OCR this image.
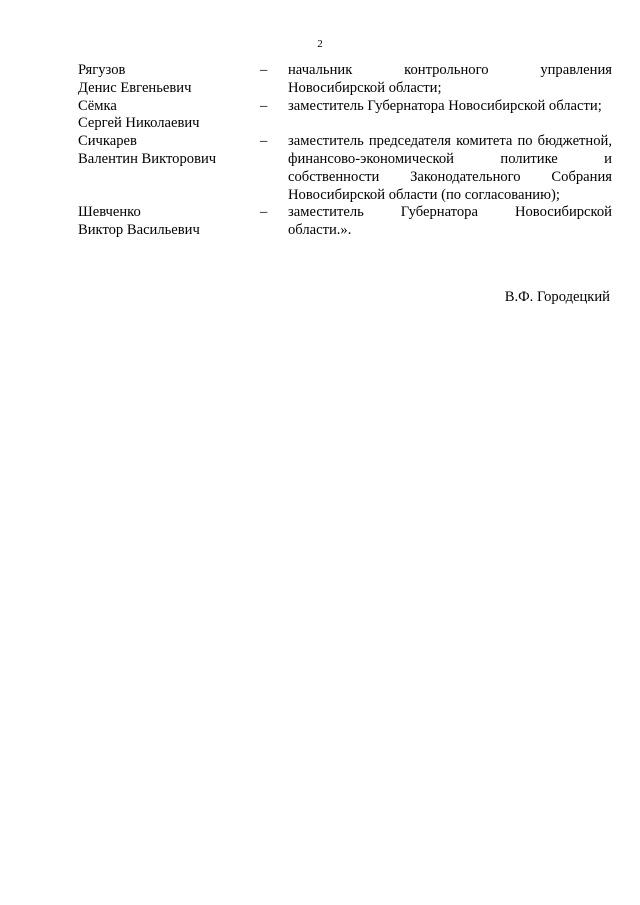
2
Рягузов
Денис Евгеньевич
–	начальник контрольного управления Новосибирской области;
Сёмка
Сергей Николаевич
–	заместитель Губернатора Новосибирской области;
Сичкарев
Валентин Викторович
–	заместитель председателя комитета по бюджетной, финансово-экономической политике и собственности Законодательного Собрания Новосибирской области (по согласованию);
Шевченко
Виктор Васильевич
–	заместитель Губернатора Новосибирской области.».
В.Ф. Городецкий
